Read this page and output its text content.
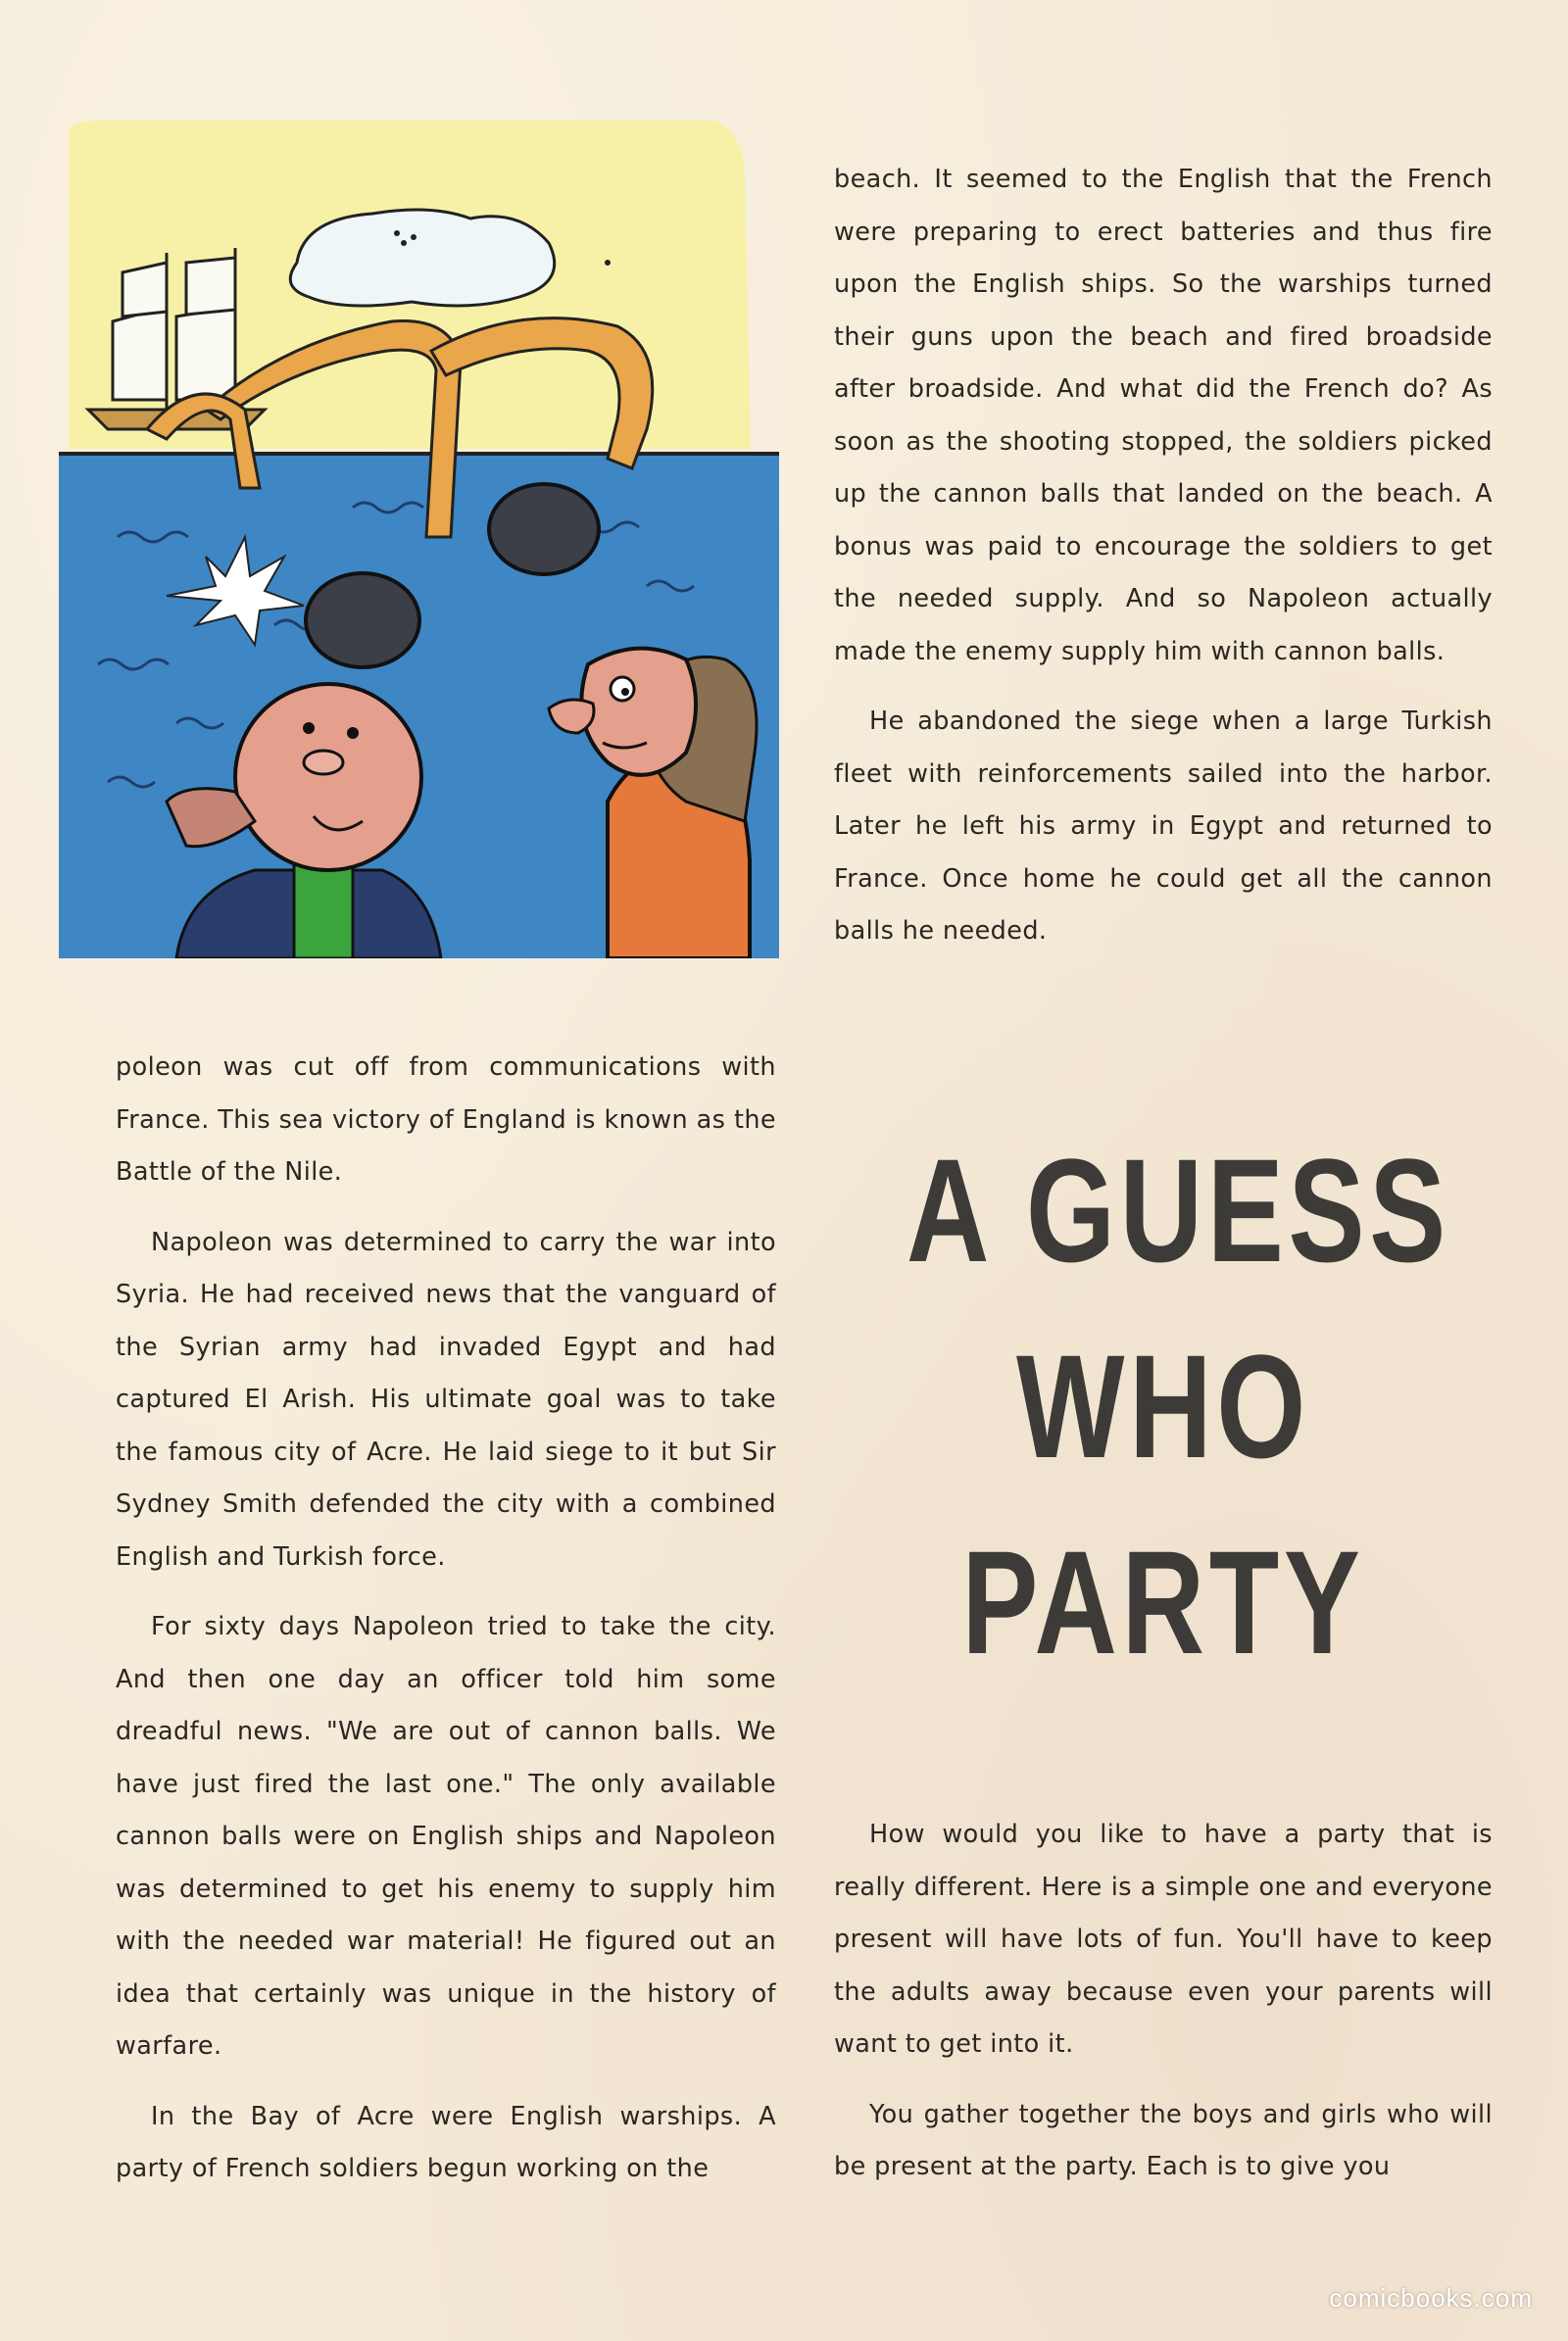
beach. It seemed to the English that the French were preparing to erect batteries and thus fire upon the English ships. So the warships turned their guns upon the beach and fired broadside after broadside. And what did the French do? As soon as the shooting stopped, the soldiers picked up the cannon balls that landed on the beach. A bonus was paid to encourage the soldiers to get the needed supply. And so Napoleon actually made the enemy supply him with cannon balls.

He abandoned the siege when a large Turkish fleet with reinforcements sailed into the harbor. Later he left his army in Egypt and returned to France. Once home he could get all the cannon balls he needed.

poleon was cut off from communications with France. This sea victory of England is known as the Battle of the Nile.

Napoleon was determined to carry the war into Syria. He had received news that the vanguard of the Syrian army had invaded Egypt and had captured El Arish. His ultimate goal was to take the famous city of Acre. He laid siege to it but Sir Sydney Smith defended the city with a combined English and Turkish force.

For sixty days Napoleon tried to take the city. And then one day an officer told him some dreadful news. "We are out of cannon balls. We have just fired the last one." The only available cannon balls were on English ships and Napoleon was determined to get his enemy to supply him with the needed war material! He figured out an idea that certainly was unique in the history of warfare.

In the Bay of Acre were English warships. A party of French soldiers begun working on the

A GUESS
WHO
PARTY

How would you like to have a party that is really different. Here is a simple one and everyone present will have lots of fun. You'll have to keep the adults away because even your parents will want to get into it.

You gather together the boys and girls who will be present at the party. Each is to give you

comicbooks.com
